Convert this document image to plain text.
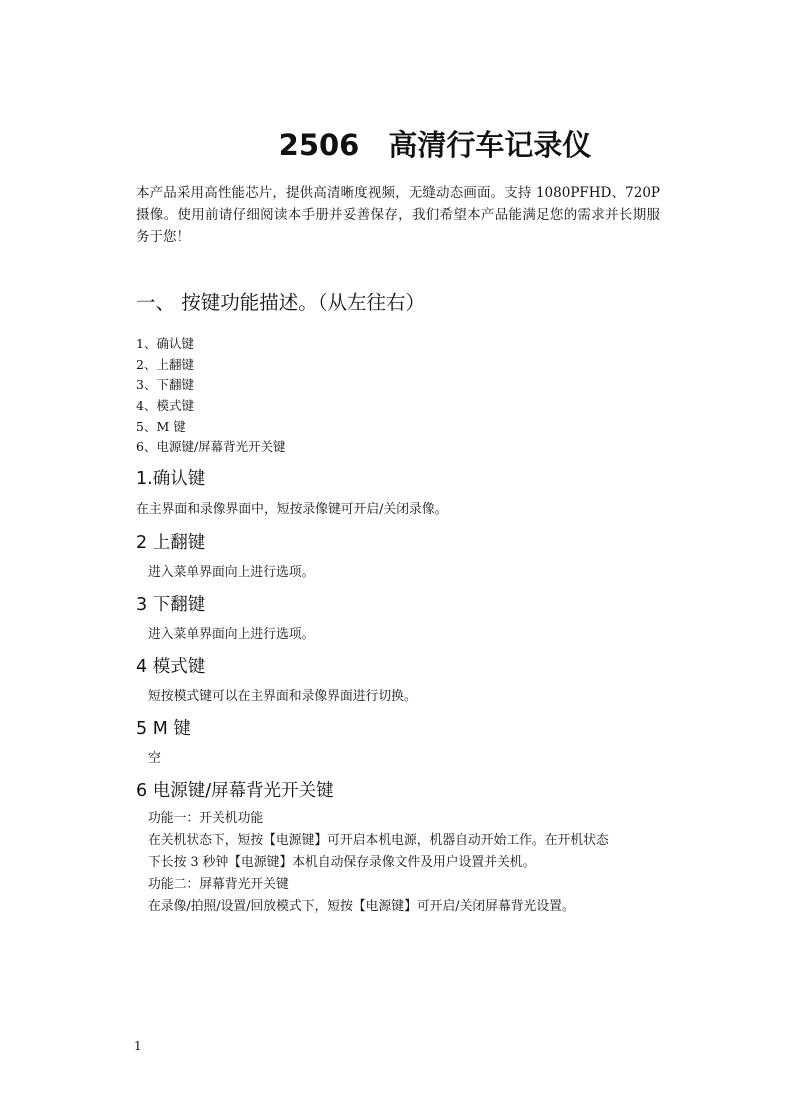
2506　高清行车记录仪
本产品采用高性能芯片，提供高清晰度视频，无缝动态画面。支持 1080PFHD、720P 摄像。使用前请仔细阅读本手册并妥善保存，我们希望本产品能满足您的需求并长期服务于您！
一、 按键功能描述。（从左往右）
1、确认键
2、上翻键
3、下翻键
4、模式键
5、M 键
6、电源键/屏幕背光开关键
1.确认键
在主界面和录像界面中，短按录像键可开启/关闭录像。
2 上翻键
进入菜单界面向上进行选项。
3 下翻键
进入菜单界面向上进行选项。
4 模式键
短按模式键可以在主界面和录像界面进行切换。
5 M 键
空
6 电源键/屏幕背光开关键
功能一：开关机功能
在关机状态下，短按【电源键】可开启本机电源，机器自动开始工作。在开机状态
下长按 3 秒钟【电源键】本机自动保存录像文件及用户设置并关机。
功能二：屏幕背光开关键
在录像/拍照/设置/回放模式下，短按【电源键】可开启/关闭屏幕背光设置。
1
